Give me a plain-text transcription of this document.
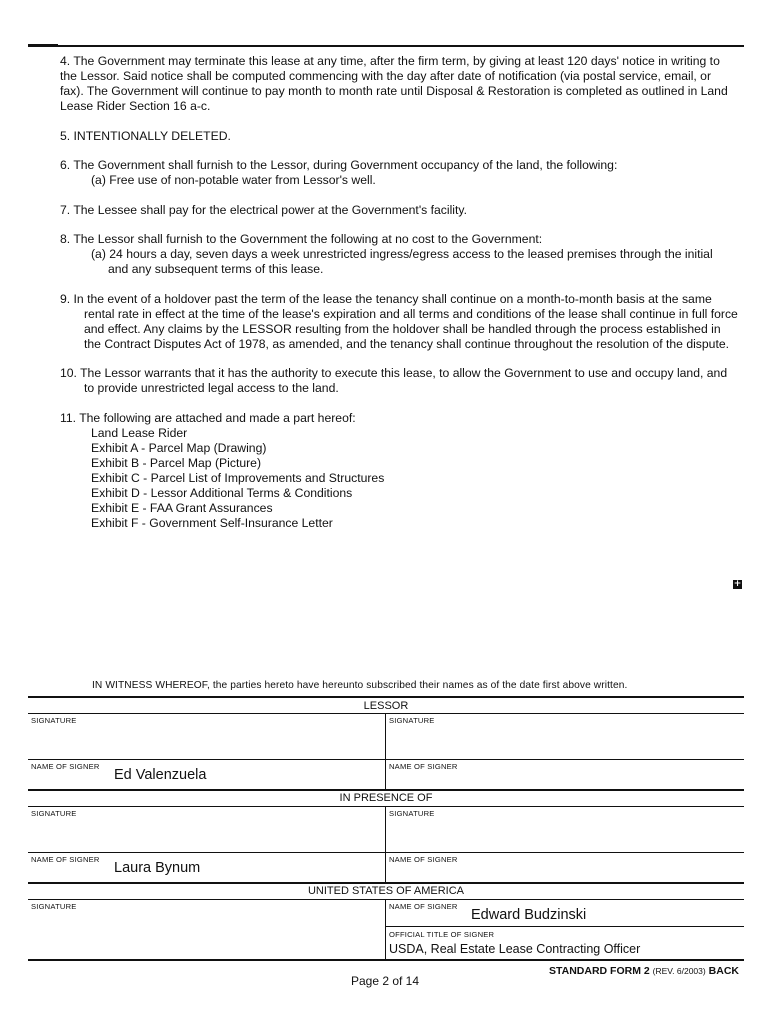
4. The Government may terminate this lease at any time, after the firm term, by giving at least 120 days' notice in writing to the Lessor. Said notice shall be computed commencing with the day after date of notification (via postal service, email, or fax). The Government will continue to pay month to month rate until Disposal & Restoration is completed as outlined in Land Lease Rider Section 16 a-c.

5. INTENTIONALLY DELETED.

6. The Government shall furnish to the Lessor, during Government occupancy of the land, the following:
(a) Free use of non-potable water from Lessor's well.

7. The Lessee shall pay for the electrical power at the Government's facility.

8. The Lessor shall furnish to the Government the following at no cost to the Government:
(a) 24 hours a day, seven days a week unrestricted ingress/egress access to the leased premises through the initial
and any subsequent terms of this lease.

9. In the event of a holdover past the term of the lease the tenancy shall continue on a month-to-month basis at the same rental rate in effect at the time of the lease's expiration and all terms and conditions of the lease shall continue in full force and effect. Any claims by the LESSOR resulting from the holdover shall be handled through the process established in the Contract Disputes Act of 1978, as amended, and the tenancy shall continue throughout the resolution of the dispute.

10. The Lessor warrants that it has the authority to execute this lease, to allow the Government to use and occupy land, and to provide unrestricted legal access to the land.

11. The following are attached and made a part hereof:
Land Lease Rider
Exhibit A - Parcel Map (Drawing)
Exhibit B - Parcel Map (Picture)
Exhibit C - Parcel List of Improvements and Structures
Exhibit D - Lessor Additional Terms & Conditions
Exhibit E - FAA Grant Assurances
Exhibit F - Government Self-Insurance Letter
+
IN WITNESS WHEREOF, the parties hereto have hereunto subscribed their names as of the date first above written.
LESSOR
SIGNATURE	SIGNATURE
NAME OF SIGNER
Ed Valenzuela
NAME OF SIGNER
IN PRESENCE OF
SIGNATURE	SIGNATURE
NAME OF SIGNER
Laura Bynum
NAME OF SIGNER
UNITED STATES OF AMERICA
SIGNATURE	NAME OF SIGNER
Edward Budzinski
OFFICIAL TITLE OF SIGNER
USDA, Real Estate Lease Contracting Officer
STANDARD FORM 2 (REV. 6/2003) BACK
Page 2 of 14
